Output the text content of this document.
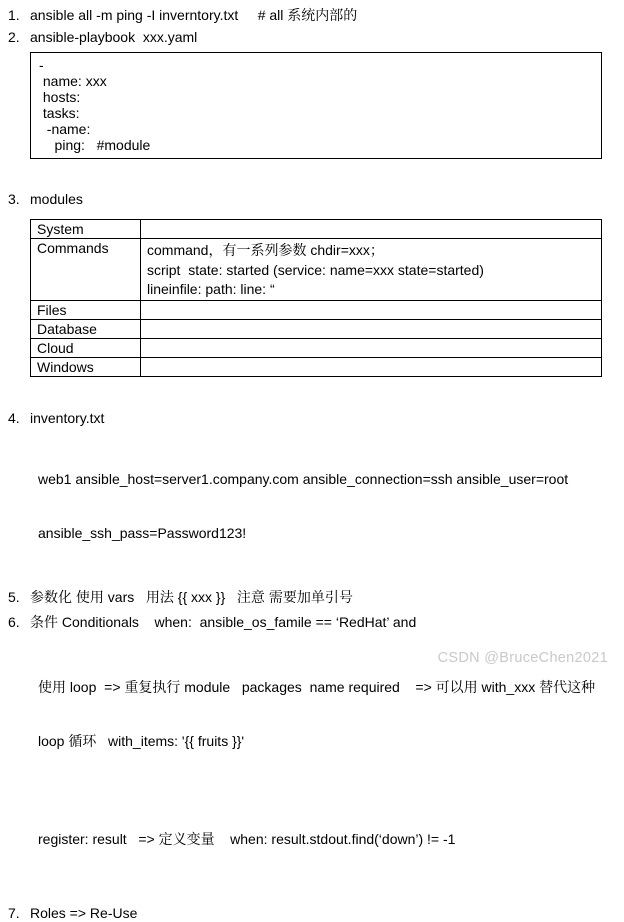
1. ansible all -m ping -I inverntory.txt     # all 系统内部的
2. ansible-playbook  xxx.yaml
-
name: xxx
hosts:
tasks:
-name:
ping:   #module
3. modules
System	
Commands	command，有一系列参数 chdir=xxx；
script  state: started (service: name=xxx state=started)
lineinfile: path: line: “

Files	
Database	
Cloud	
Windows	
4. inventory.txt

web1 ansible_host=server1.company.com ansible_connection=ssh ansible_user=root

ansible_ssh_pass=Password123!

5. 参数化 使用 vars   用法 {{ xxx }}   注意 需要加单引号
6. 条件 Conditionals    when:  ansible_os_famile == ‘RedHat’ and

使用 loop  => 重复执行 module   packages  name required    => 可以用 with_xxx 替代这种

loop 循环   with_items: '{{ fruits }}'

register: result   => 定义变量    when: result.stdout.find(‘down’) != -1

7. Roles => Re-Use
CSDN @BruceChen2021
